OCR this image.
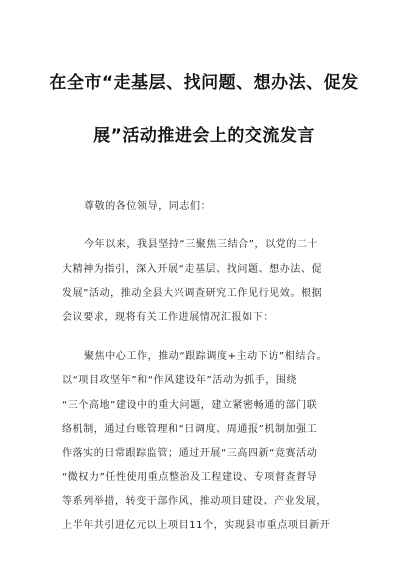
在全市“走基层、找问题、想办法、促发
展”活动推进会上的交流发言
尊敬的各位领导，同志们：
今年以来，我县坚持“三聚焦三结合”，以党的二十
大精神为指引，深入开展“走基层、找问题、想办法、促
发展”活动，推动全县大兴调查研究工作见行见效。根据
会议要求，现将有关工作进展情况汇报如下：
聚焦中心工作，推动“跟踪调度+主动下访”相结合。
以“项目攻坚年”和“作风建设年”活动为抓手，围绕
“三个高地”建设中的重大问题，建立紧密畅通的部门联
络机制，通过台账管理和“日调度、周通报”机制加强工
作落实的日常跟踪监管；通过开展“三高四新”竞赛活动
“微权力”任性使用重点整治及工程建设、专项督查督导
等系列举措，转变干部作风，推动项目建设、产业发展，
上半年共引进亿元以上项目11个，实现县市重点项目新开
